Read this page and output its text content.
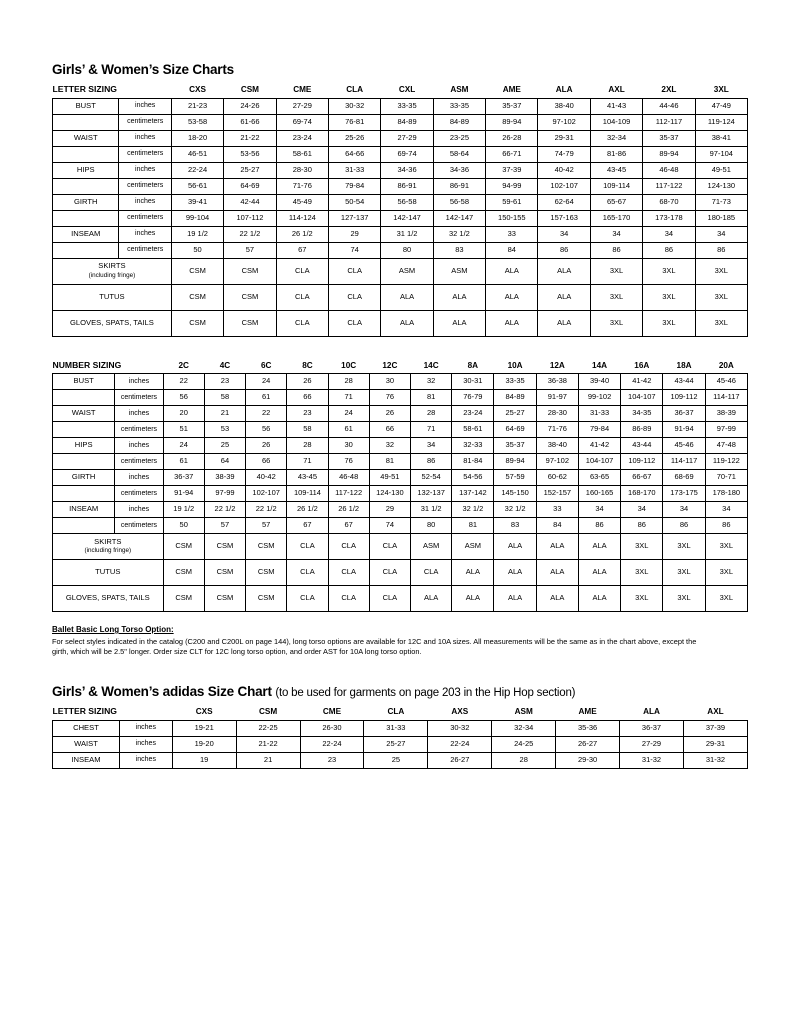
Girls’ & Women’s Size Charts
LETTER SIZING		CXS	CSM	CME	CLA	CXL	ASM	AME	ALA	AXL	2XL	3XL
BUST	inches	21-23	24-26	27-29	30-32	33-35	33-35	35-37	38-40	41-43	44-46	47-49
	centimeters	53-58	61-66	69-74	76-81	84-89	84-89	89-94	97-102	104-109	112-117	119-124
WAIST	inches	18-20	21-22	23-24	25-26	27-29	23-25	26-28	29-31	32-34	35-37	38-41
	centimeters	46-51	53-56	58-61	64-66	69-74	58-64	66-71	74-79	81-86	89-94	97-104
HIPS	inches	22-24	25-27	28-30	31-33	34-36	34-36	37-39	40-42	43-45	46-48	49-51
	centimeters	56-61	64-69	71-76	79-84	86-91	86-91	94-99	102-107	109-114	117-122	124-130
GIRTH	inches	39-41	42-44	45-49	50-54	56-58	56-58	59-61	62-64	65-67	68-70	71-73
	centimeters	99-104	107-112	114-124	127-137	142-147	142-147	150-155	157-163	165-170	173-178	180-185
INSEAM	inches	19 1/2	22 1/2	26 1/2	29	31 1/2	32 1/2	33	34	34	34	34
	centimeters	50	57	67	74	80	83	84	86	86	86	86
SKIRTS
(including fringe)		CSM	CSM	CLA	CLA	ASM	ASM	ALA	ALA	3XL	3XL	3XL
TUTUS		CSM	CSM	CLA	CLA	ALA	ALA	ALA	ALA	3XL	3XL	3XL
GLOVES, SPATS, TAILS		CSM	CSM	CLA	CLA	ALA	ALA	ALA	ALA	3XL	3XL	3XL
NUMBER SIZING		2C	4C	6C	8C	10C	12C	14C	8A	10A	12A	14A	16A	18A	20A
BUST	inches	22	23	24	26	28	30	32	30-31	33-35	36-38	39-40	41-42	43-44	45-46
	centimeters	56	58	61	66	71	76	81	76-79	84-89	91-97	99-102	104-107	109-112	114-117
WAIST	inches	20	21	22	23	24	26	28	23-24	25-27	28-30	31-33	34-35	36-37	38-39
	centimeters	51	53	56	58	61	66	71	58-61	64-69	71-76	79-84	86-89	91-94	97-99
HIPS	inches	24	25	26	28	30	32	34	32-33	35-37	38-40	41-42	43-44	45-46	47-48
	centimeters	61	64	66	71	76	81	86	81-84	89-94	97-102	104-107	109-112	114-117	119-122
GIRTH	inches	36-37	38-39	40-42	43-45	46-48	49-51	52-54	54-56	57-59	60-62	63-65	66-67	68-69	70-71
	centimeters	91-94	97-99	102-107	109-114	117-122	124-130	132-137	137-142	145-150	152-157	160-165	168-170	173-175	178-180
INSEAM	inches	19 1/2	22 1/2	22 1/2	26 1/2	26 1/2	29	31 1/2	32 1/2	32 1/2	33	34	34	34	34
	centimeters	50	57	57	67	67	74	80	81	83	84	86	86	86	86
SKIRTS
(including fringe)		CSM	CSM	CSM	CLA	CLA	CLA	ASM	ASM	ALA	ALA	ALA	3XL	3XL	3XL
TUTUS		CSM	CSM	CSM	CLA	CLA	CLA	CLA	ALA	ALA	ALA	ALA	3XL	3XL	3XL
GLOVES, SPATS, TAILS		CSM	CSM	CSM	CLA	CLA	CLA	ALA	ALA	ALA	ALA	ALA	3XL	3XL	3XL
Ballet Basic Long Torso Option:
For select styles indicated in the catalog (C200 and C200L on page 144), long torso options are available for 12C and 10A sizes. All measurements will be the same as in the chart above, except the girth, which will be 2.5" longer. Order size CLT for 12C long torso option, and order AST for 10A long torso option.
Girls’ & Women’s adidas Size Chart (to be used for garments on page 203 in the Hip Hop section)
LETTER SIZING		CXS	CSM	CME	CLA	AXS	ASM	AME	ALA	AXL
CHEST	inches	19-21	22-25	26-30	31-33	30-32	32-34	35-36	36-37	37-39
WAIST	inches	19-20	21-22	22-24	25-27	22-24	24-25	26-27	27-29	29-31
INSEAM	inches	19	21	23	25	26-27	28	29-30	31-32	31-32
